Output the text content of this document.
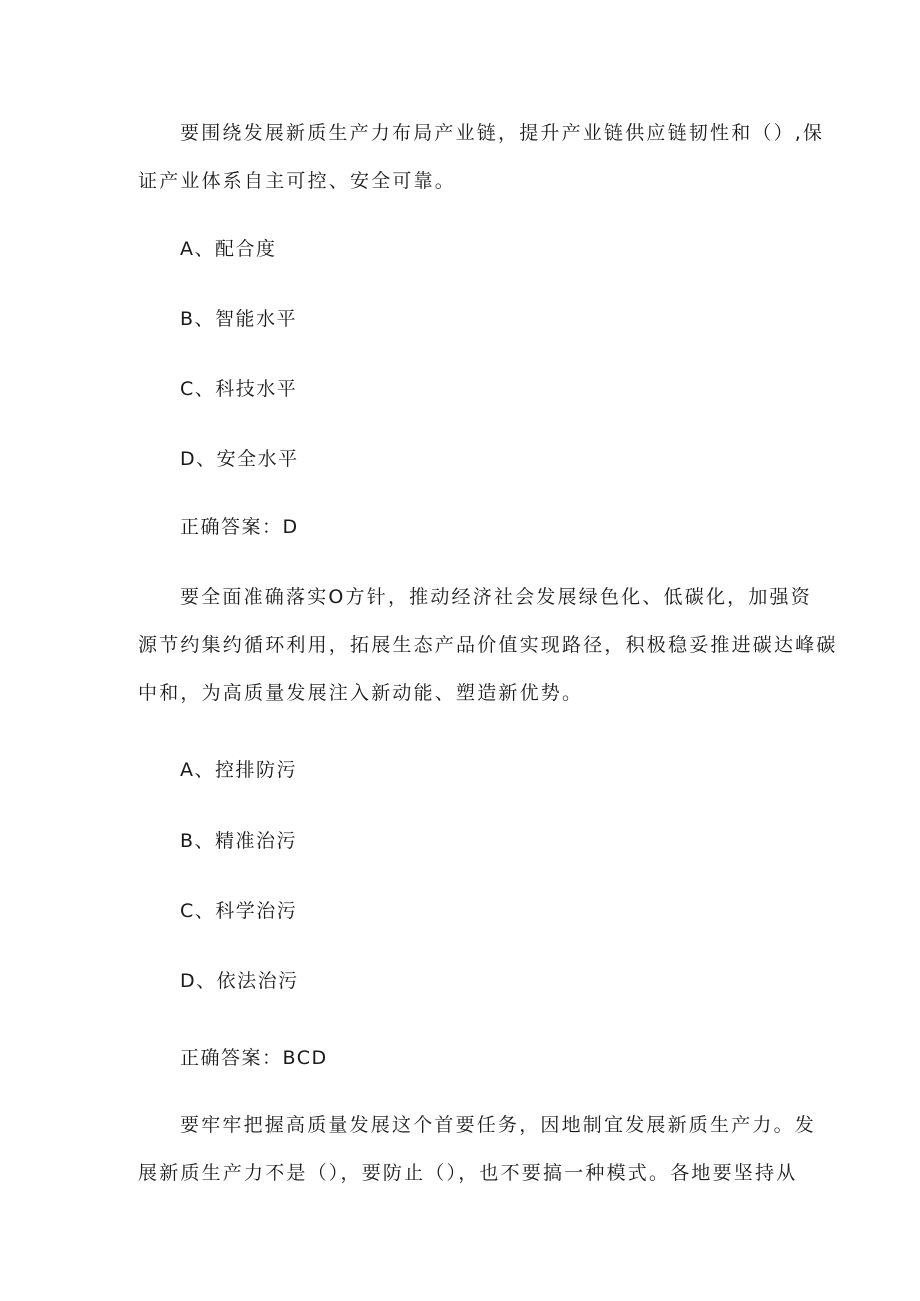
要围绕发展新质生产力布局产业链，提升产业链供应链韧性和（）,保
证产业体系自主可控、安全可靠。
A、配合度
B、智能水平
C、科技水平
D、安全水平
正确答案：D
要全面准确落实O方针，推动经济社会发展绿色化、低碳化，加强资
源节约集约循环利用，拓展生态产品价值实现路径，积极稳妥推进碳达峰碳
中和，为高质量发展注入新动能、塑造新优势。
A、控排防污
B、精准治污
C、科学治污
D、依法治污
正确答案：BCD
要牢牢把握高质量发展这个首要任务，因地制宜发展新质生产力。发
展新质生产力不是（），要防止（），也不要搞一种模式。各地要坚持从
